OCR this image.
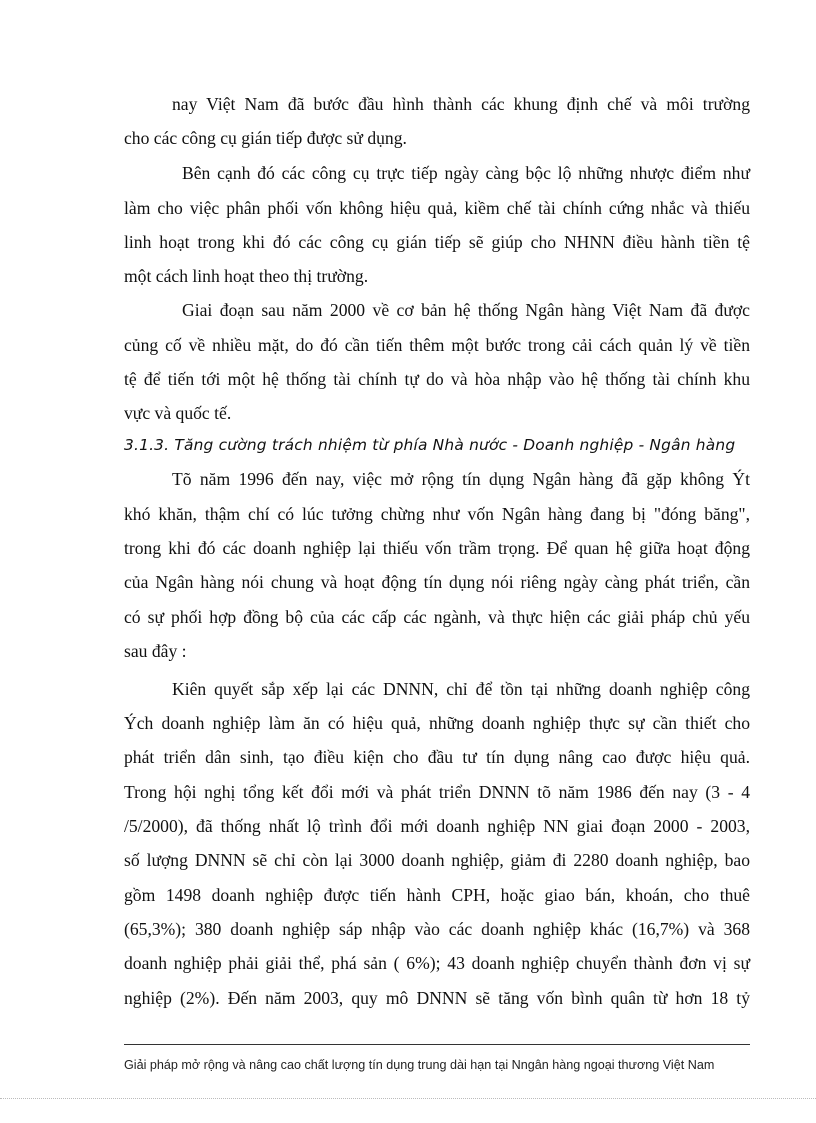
nay Việt Nam đã bước đầu hình thành các khung định chế và môi trường
cho các công cụ gián tiếp được sử dụng.
Bên cạnh đó các công cụ trực tiếp ngày càng bộc lộ những nhược điểm như
làm cho việc phân phối vốn không hiệu quả, kiềm chế tài chính cứng nhắc và thiếu
linh hoạt trong khi đó các công cụ gián tiếp sẽ giúp cho NHNN điều hành tiền tệ
một cách linh hoạt theo thị trường.
Giai đoạn sau năm 2000 về cơ bản hệ thống Ngân hàng Việt Nam đã được
củng cố về nhiều mặt, do đó cần tiến thêm một bước trong cải cách quản lý về tiền
tệ để tiến tới một hệ thống tài chính tự do và hòa nhập vào hệ thống tài chính khu
vực và quốc tế.
3.1.3. Tăng cường trách nhiệm từ phía Nhà nước - Doanh nghiệp - Ngân hàng
Tõ năm 1996 đến nay, việc mở rộng tín dụng Ngân hàng đã gặp không Ýt
khó khăn, thậm chí có lúc tưởng chừng như vốn Ngân hàng đang bị "đóng băng",
trong khi đó các doanh nghiệp lại thiếu vốn trầm trọng. Để quan hệ giữa hoạt động
của Ngân hàng nói chung và hoạt động tín dụng nói riêng ngày càng phát triển, cần
có sự phối hợp đồng bộ của các cấp các ngành, và thực hiện các giải pháp chủ yếu
sau đây :
Kiên quyết sắp xếp lại các DNNN, chỉ để tồn tại những doanh nghiệp công
Ých doanh nghiệp làm ăn có hiệu quả, những doanh nghiệp thực sự cần thiết cho
phát triển dân sinh, tạo điều kiện cho đầu tư tín dụng nâng cao được hiệu quả.
Trong hội nghị tổng kết đổi mới và phát triển DNNN tõ năm 1986 đến nay (3 - 4
/5/2000), đã thống nhất lộ trình đổi mới doanh nghiệp NN giai đoạn 2000 - 2003,
số lượng DNNN sẽ chỉ còn lại 3000 doanh nghiệp, giảm đi 2280 doanh nghiệp, bao
gồm 1498 doanh nghiệp được tiến hành CPH, hoặc giao bán, khoán, cho thuê
(65,3%); 380 doanh nghiệp sáp nhập vào các doanh nghiệp khác (16,7%) và 368
doanh nghiệp phải giải thể, phá sản ( 6%); 43 doanh nghiệp chuyển thành đơn vị sự
nghiệp (2%). Đến năm 2003, quy mô DNNN sẽ tăng vốn bình quân từ hơn 18 tỷ
Giải pháp mở rộng và nâng cao chất lượng tín dụng trung dài hạn tại Nngân hàng ngoại thương Việt Nam
